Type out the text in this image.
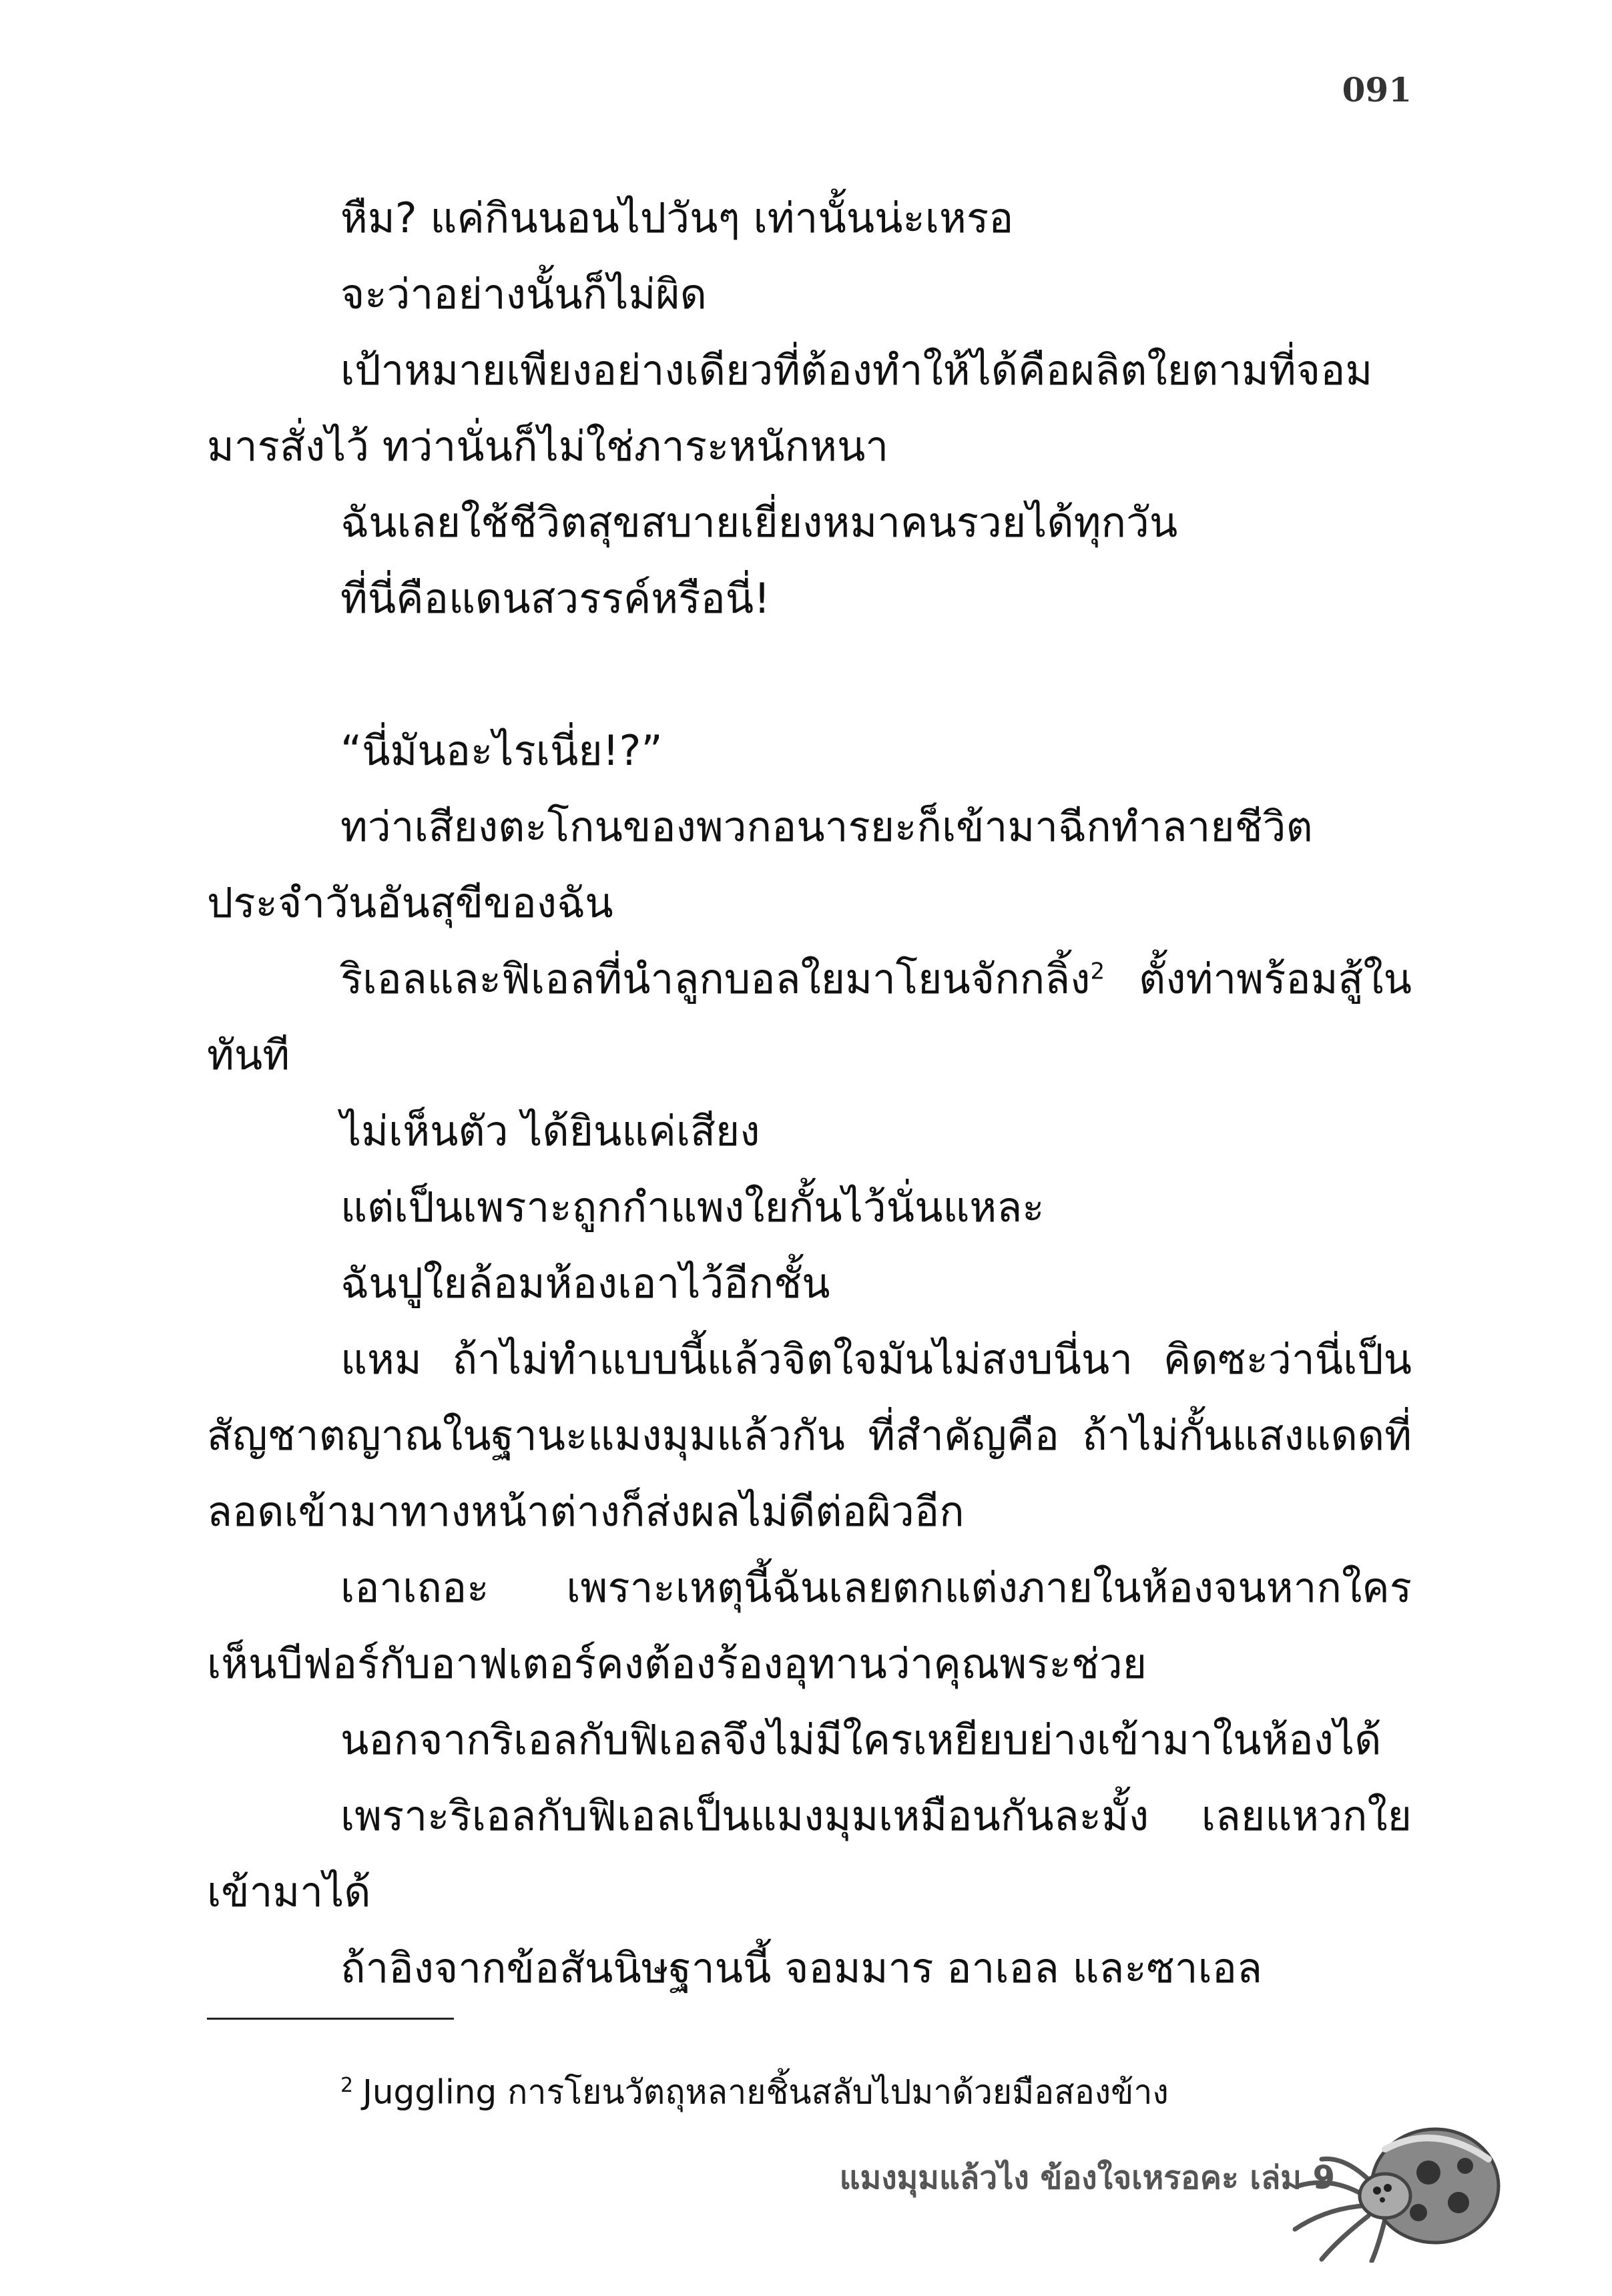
091

หืม? แค่กินนอนไปวันๆ เท่านั้นน่ะเหรอ

จะว่าอย่างนั้นก็ไม่ผิด

เป้าหมายเพียงอย่างเดียวที่ต้องทำให้ได้คือผลิตใยตามที่จอมมารสั่งไว้ ทว่านั่นก็ไม่ใช่ภาระหนักหนา

ฉันเลยใช้ชีวิตสุขสบายเยี่ยงหมาคนรวยได้ทุกวัน

ที่นี่คือแดนสวรรค์หรือนี่!

“นี่มันอะไรเนี่ย!?”

ทว่าเสียงตะโกนของพวกอนารยะก็เข้ามาฉีกทำลายชีวิตประจำวันอันสุขีของฉัน

ริเอลและฟิเอลที่นำลูกบอลใยมาโยนจักกลิ้ง$^2$ ตั้งท่าพร้อมสู้ในทันที

ไม่เห็นตัว ได้ยินแค่เสียง

แต่เป็นเพราะถูกกำแพงใยกั้นไว้นั่นแหละ

ฉันปูใยล้อมห้องเอาไว้อีกชั้น

แหม ถ้าไม่ทำแบบนี้แล้วจิตใจมันไม่สงบนี่นา คิดซะว่านี่เป็นสัญชาตญาณในฐานะแมงมุมแล้วกัน ที่สำคัญคือ ถ้าไม่กั้นแสงแดดที่ลอดเข้ามาทางหน้าต่างก็ส่งผลไม่ดีต่อผิวอีก

เอาเถอะ เพราะเหตุนี้ฉันเลยตกแต่งภายในห้องจนหากใครเห็นบีฟอร์กับอาฟเตอร์คงต้องร้องอุทานว่าคุณพระช่วย

นอกจากริเอลกับฟิเอลจึงไม่มีใครเหยียบย่างเข้ามาในห้องได้

เพราะริเอลกับฟิเอลเป็นแมงมุมเหมือนกันละมั้ง เลยแหวกใยเข้ามาได้

ถ้าอิงจากข้อสันนิษฐานนี้ จอมมาร อาเอล และซาเอล

$^2$ Juggling การโยนวัตถุหลายชิ้นสลับไปมาด้วยมือสองข้าง

แมงมุมแล้วไง ข้องใจเหรอคะ เล่ม 9
